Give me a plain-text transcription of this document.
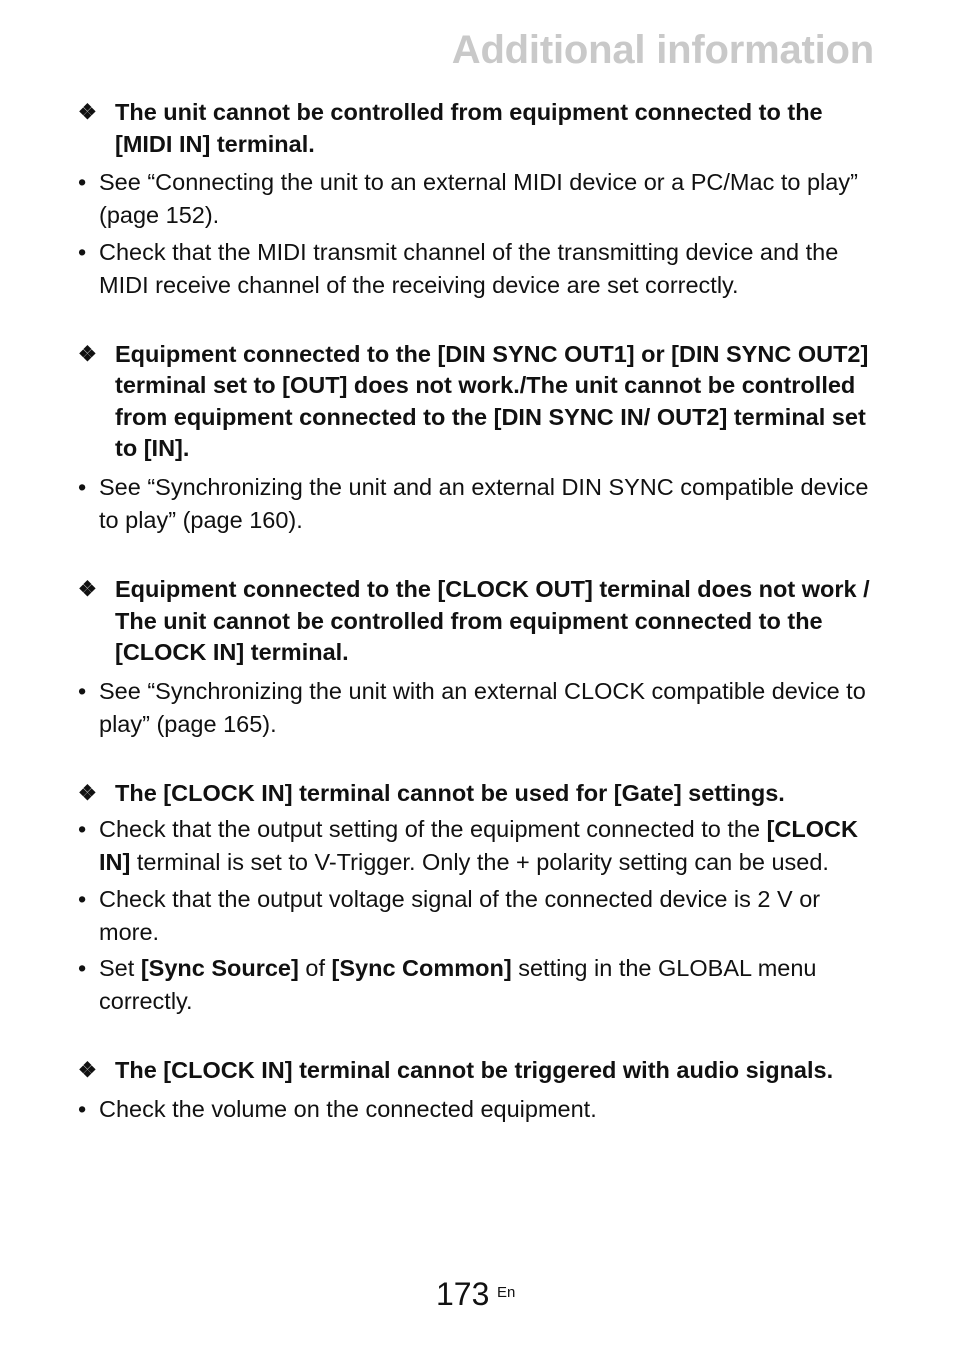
Additional information
❖ The unit cannot be controlled from equipment connected to the [MIDI IN] terminal.
• See “Connecting the unit to an external MIDI device or a PC/Mac to play” (page 152).
• Check that the MIDI transmit channel of the transmitting device and the MIDI receive channel of the receiving device are set correctly.
❖ Equipment connected to the [DIN SYNC OUT1] or [DIN SYNC OUT2] terminal set to [OUT] does not work./The unit cannot be controlled from equipment connected to the [DIN SYNC IN/ OUT2] terminal set to [IN].
• See “Synchronizing the unit and an external DIN SYNC compatible device to play” (page 160).
❖ Equipment connected to the [CLOCK OUT] terminal does not work / The unit cannot be controlled from equipment connected to the [CLOCK IN] terminal.
• See “Synchronizing the unit with an external CLOCK compatible device to play” (page 165).
❖ The [CLOCK IN] terminal cannot be used for [Gate] settings.
• Check that the output setting of the equipment connected to the [CLOCK IN] terminal is set to V-Trigger. Only the + polarity setting can be used.
• Check that the output voltage signal of the connected device is 2 V or more.
• Set [Sync Source] of [Sync Common] setting in the GLOBAL menu correctly.
❖ The [CLOCK IN] terminal cannot be triggered with audio signals.
• Check the volume on the connected equipment.
173 En
